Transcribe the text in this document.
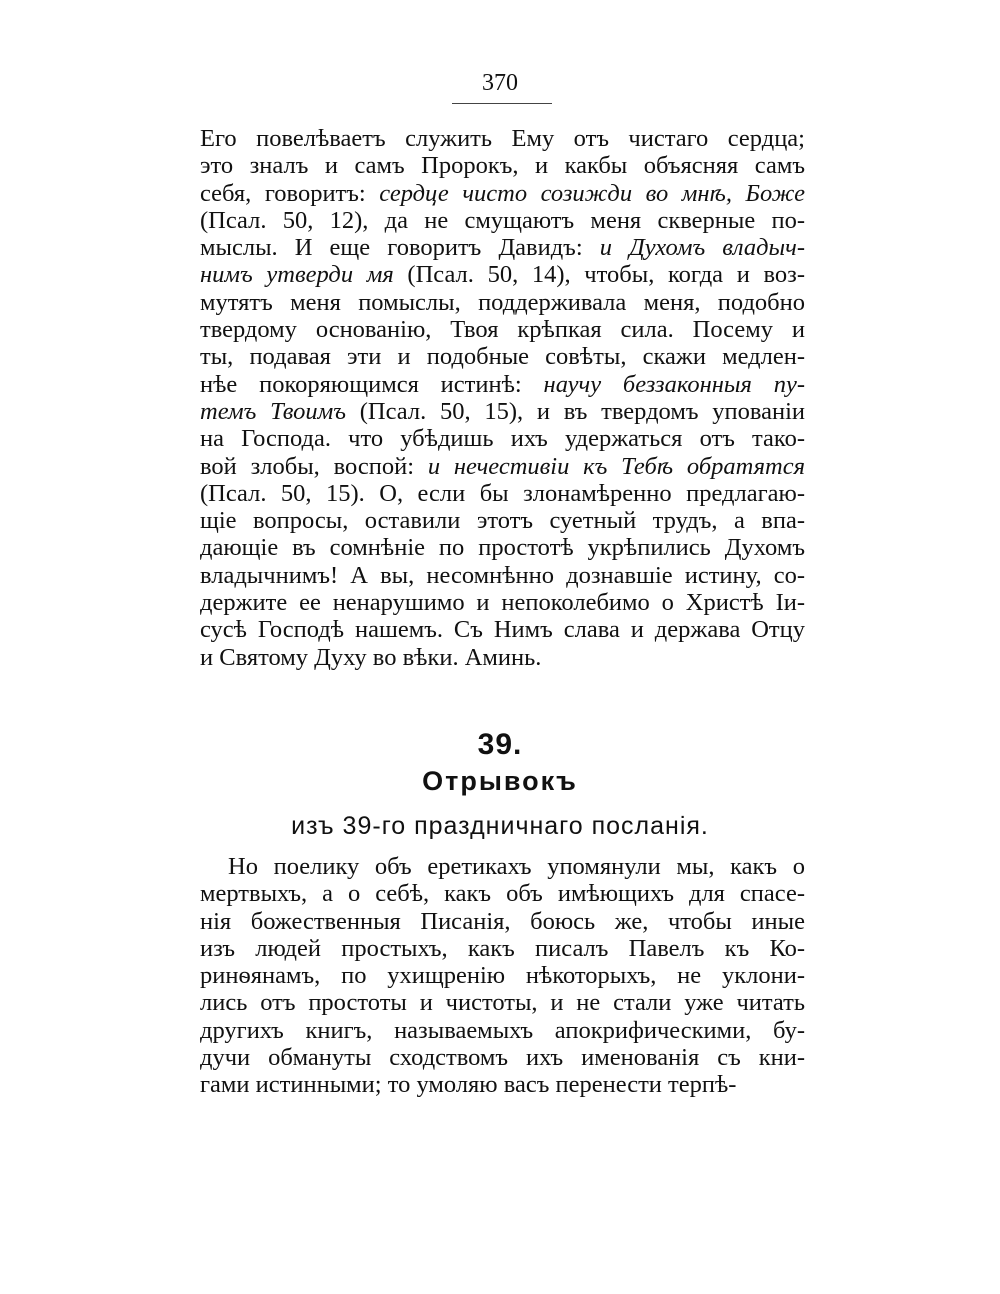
370
Его повелѣваетъ служить Ему отъ чистаго сердца;
это зналъ и самъ Пророкъ, и какбы объясняя самъ
себя, говоритъ: сердце чисто созижди во мнѣ, Боже
(Псал. 50, 12), да не смущаютъ меня скверные по-
мыслы. И еще говоритъ Давидъ: и Духомъ владыч-
нимъ утверди мя (Псал. 50, 14), чтобы, когда и воз-
мутятъ меня помыслы, поддерживала меня, подобно
твердому основанію, Твоя крѣпкая сила. Посему и
ты, подавая эти и подобные совѣты, скажи медлен-
нѣе покоряющимся истинѣ: научу беззаконныя пу-
темъ Твоимъ (Псал. 50, 15), и въ твердомъ упованіи
на Господа. что убѣдишь ихъ удержаться отъ тако-
вой злобы, воспой: и нечестивіи къ Тебѣ обратятся
(Псал. 50, 15). О, если бы злонамѣренно предлагаю-
щіе вопросы, оставили этотъ суетный трудъ, а впа-
дающіе въ сомнѣніе по простотѣ укрѣпились Духомъ
владычнимъ! А вы, несомнѣнно дознавшіе истину, со-
держите ее ненарушимо и непоколебимо о Христѣ Іи-
сусѣ Господѣ нашемъ. Съ Нимъ слава и держава Отцу
и Святому Духу во вѣки. Аминь.
39.
Отрывокъ
изъ 39-го праздничнаго посланія.
Но поелику объ еретикахъ упомянули мы, какъ о
мертвыхъ, а о себѣ, какъ объ имѣющихъ для спасе-
нія божественныя Писанія, боюсь же, чтобы иные
изъ людей простыхъ, какъ писалъ Павелъ къ Ко-
ринѳянамъ, по ухищренію нѣкоторыхъ, не уклони-
лись отъ простоты и чистоты, и не стали уже читать
другихъ книгъ, называемыхъ апокрифическими, бу-
дучи обмануты сходствомъ ихъ именованія съ кни-
гами истинными; то умоляю васъ перенести терпѣ-
